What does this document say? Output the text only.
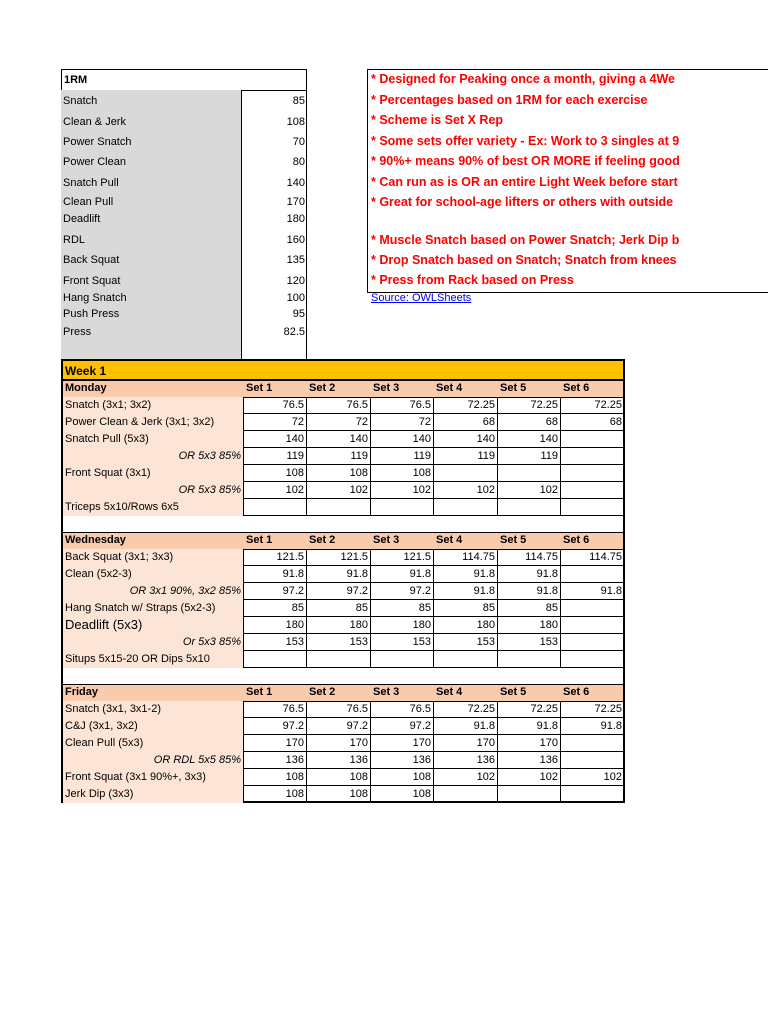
1RM
Snatch	85
Clean & Jerk	108
Power Snatch	70
Power Clean	80
Snatch Pull	140
Clean Pull	170
Deadlift	180
RDL	160
Back Squat	135
Front Squat	120
Hang Snatch	100
Push Press	95
Press	82.5
* Designed for Peaking once a month, giving a 4We
* Percentages based on 1RM for each exercise
* Scheme is Set X Rep
* Some sets offer variety - Ex: Work to 3 singles at 9
* 90%+ means 90% of best OR MORE if feeling good
* Can run as is OR an entire Light Week before start
* Great for school-age lifters or others with outside
* Muscle Snatch based on Power Snatch; Jerk Dip b
* Drop Snatch based on Snatch; Snatch from knees
* Press from Rack based on Press
Source: OWLSheets
Week 1
Monday	Set 1	Set 2	Set 3	Set 4	Set 5	Set 6
Snatch (3x1; 3x2)	76.5	76.5	76.5	72.25	72.25	72.25
Power Clean & Jerk (3x1; 3x2)	72	72	72	68	68	68
Snatch Pull (5x3)	140	140	140	140	140
OR 5x3 85%	119	119	119	119	119
Front Squat (3x1)	108	108	108
OR 5x3 85%	102	102	102	102	102
Triceps 5x10/Rows 6x5
Wednesday	Set 1	Set 2	Set 3	Set 4	Set 5	Set 6
Back Squat (3x1; 3x3)	121.5	121.5	121.5	114.75	114.75	114.75
Clean (5x2-3)	91.8	91.8	91.8	91.8	91.8
OR 3x1 90%, 3x2 85%	97.2	97.2	97.2	91.8	91.8	91.8
Hang Snatch w/ Straps (5x2-3)	85	85	85	85	85
Deadlift (5x3)	180	180	180	180	180
Or 5x3 85%	153	153	153	153	153
Situps 5x15-20 OR Dips 5x10
Friday	Set 1	Set 2	Set 3	Set 4	Set 5	Set 6
Snatch (3x1, 3x1-2)	76.5	76.5	76.5	72.25	72.25	72.25
C&J (3x1, 3x2)	97.2	97.2	97.2	91.8	91.8	91.8
Clean Pull (5x3)	170	170	170	170	170
OR RDL 5x5 85%	136	136	136	136	136
Front Squat (3x1 90%+, 3x3)	108	108	108	102	102	102
Jerk Dip (3x3)	108	108	108
